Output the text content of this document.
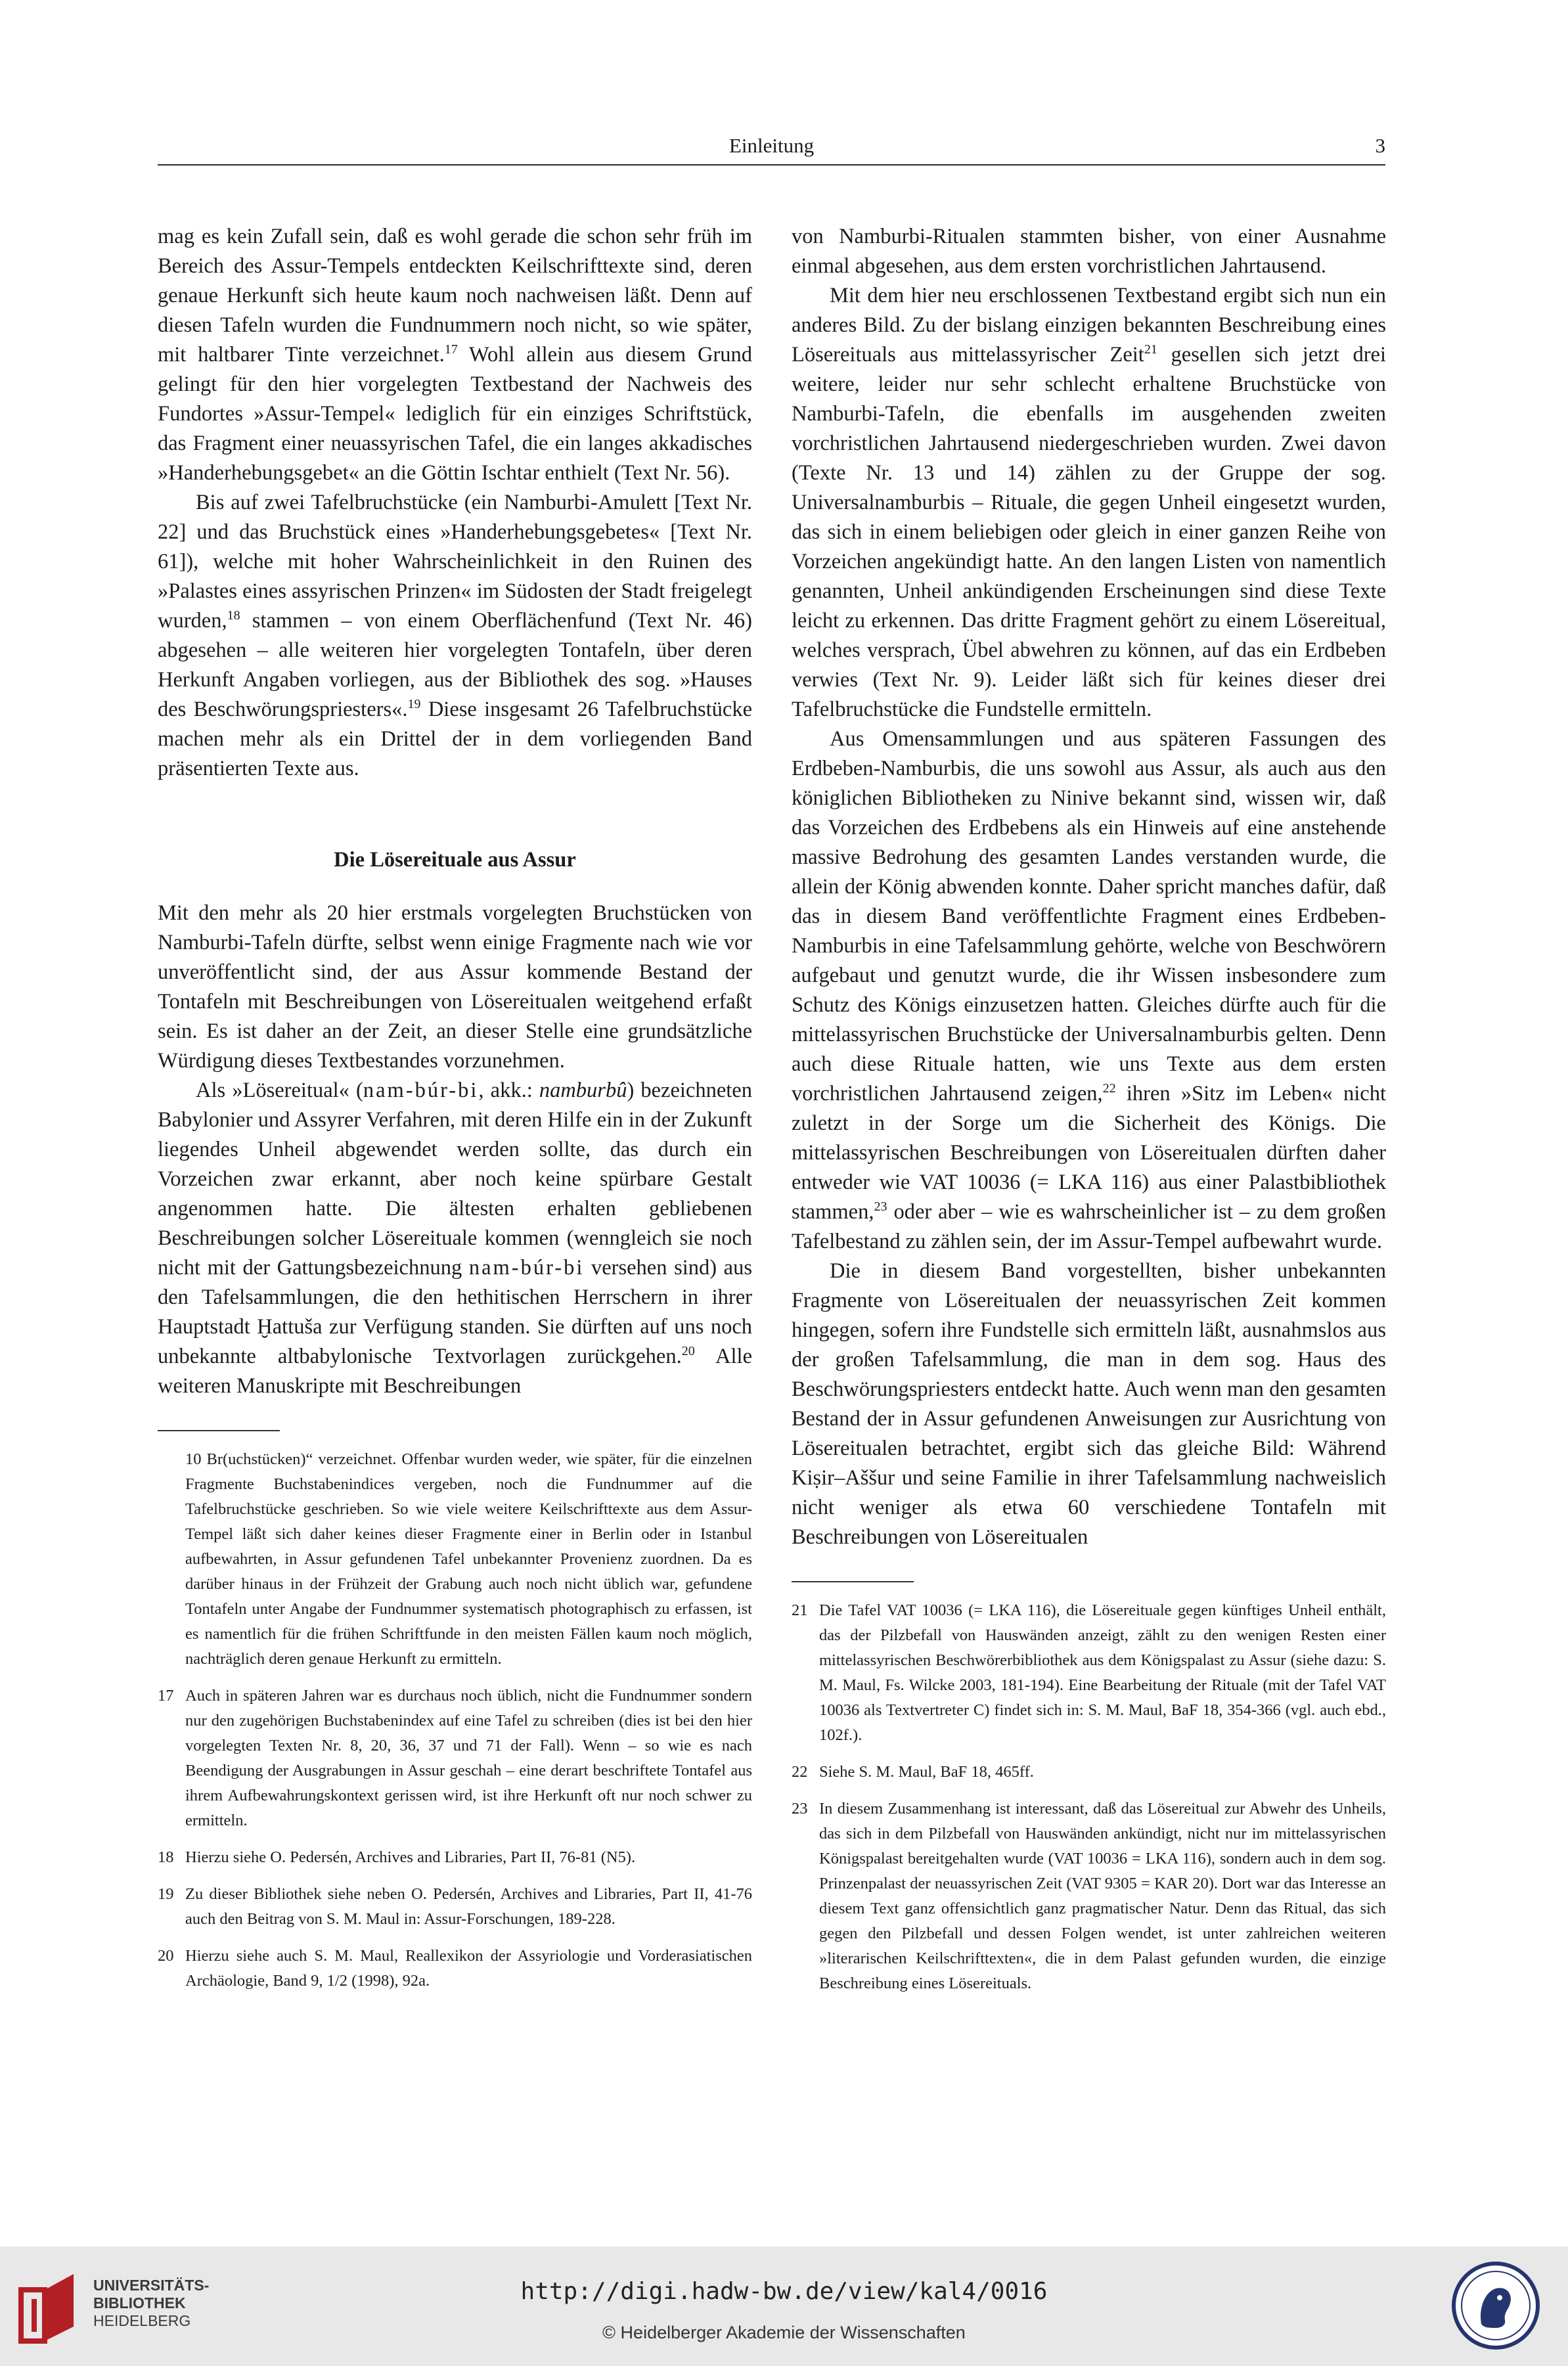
Einleitung	3

mag es kein Zufall sein, daß es wohl gerade die schon sehr früh im Bereich des Assur-Tempels entdeckten Keilschrifttexte sind, deren genaue Herkunft sich heute kaum noch nachweisen läßt. Denn auf diesen Tafeln wurden die Fundnummern noch nicht, so wie später, mit haltbarer Tinte verzeichnet.$^{17}$ Wohl allein aus diesem Grund gelingt für den hier vorgelegten Textbestand der Nachweis des Fundortes »Assur-Tempel« lediglich für ein einziges Schriftstück, das Fragment einer neuassyrischen Tafel, die ein langes akkadisches »Handerhebungsgebet« an die Göttin Ischtar enthielt (Text Nr. 56).

Bis auf zwei Tafelbruchstücke (ein Namburbi-Amulett [Text Nr. 22] und das Bruchstück eines »Handerhebungsgebetes« [Text Nr. 61]), welche mit hoher Wahrscheinlichkeit in den Ruinen des »Palastes eines assyrischen Prinzen« im Südosten der Stadt freigelegt wurden,$^{18}$ stammen – von einem Oberflächenfund (Text Nr. 46) abgesehen – alle weiteren hier vorgelegten Tontafeln, über deren Herkunft Angaben vorliegen, aus der Bibliothek des sog. »Hauses des Beschwörungspriesters«.$^{19}$ Diese insgesamt 26 Tafelbruchstücke machen mehr als ein Drittel der in dem vorliegenden Band präsentierten Texte aus.

Die Lösereituale aus Assur

Mit den mehr als 20 hier erstmals vorgelegten Bruchstücken von Namburbi-Tafeln dürfte, selbst wenn einige Fragmente nach wie vor unveröffentlicht sind, der aus Assur kommende Bestand der Tontafeln mit Beschreibungen von Lösereitualen weitgehend erfaßt sein. Es ist daher an der Zeit, an dieser Stelle eine grundsätzliche Würdigung dieses Textbestandes vorzunehmen.

Als »Lösereitual« (nam-búr-bi, akk.: namburbû) bezeichneten Babylonier und Assyrer Verfahren, mit deren Hilfe ein in der Zukunft liegendes Unheil abgewendet werden sollte, das durch ein Vorzeichen zwar erkannt, aber noch keine spürbare Gestalt angenommen hatte. Die ältesten erhalten gebliebenen Beschreibungen solcher Lösereituale kommen (wenngleich sie noch nicht mit der Gattungsbezeichnung nam-búr-bi versehen sind) aus den Tafelsammlungen, die den hethitischen Herrschern in ihrer Hauptstadt Ḫattuša zur Verfügung standen. Sie dürften auf uns noch unbekannte altbabylonische Textvorlagen zurückgehen.$^{20}$ Alle weiteren Manuskripte mit Beschreibungen

10 Br(uchstücken)“ verzeichnet. Offenbar wurden weder, wie später, für die einzelnen Fragmente Buchstabenindices vergeben, noch die Fundnummer auf die Tafelbruchstücke geschrieben. So wie viele weitere Keilschrifttexte aus dem Assur-Tempel läßt sich daher keines dieser Fragmente einer in Berlin oder in Istanbul aufbewahrten, in Assur gefundenen Tafel unbekannter Provenienz zuordnen. Da es darüber hinaus in der Frühzeit der Grabung auch noch nicht üblich war, gefundene Tontafeln unter Angabe der Fundnummer systematisch photographisch zu erfassen, ist es namentlich für die frühen Schriftfunde in den meisten Fällen kaum noch möglich, nachträglich deren genaue Herkunft zu ermitteln.

17 Auch in späteren Jahren war es durchaus noch üblich, nicht die Fundnummer sondern nur den zugehörigen Buchstabenindex auf eine Tafel zu schreiben (dies ist bei den hier vorgelegten Texten Nr. 8, 20, 36, 37 und 71 der Fall). Wenn – so wie es nach Beendigung der Ausgrabungen in Assur geschah – eine derart beschriftete Tontafel aus ihrem Aufbewahrungskontext gerissen wird, ist ihre Herkunft oft nur noch schwer zu ermitteln.

18 Hierzu siehe O. Pedersén, Archives and Libraries, Part II, 76-81 (N5).

19 Zu dieser Bibliothek siehe neben O. Pedersén, Archives and Libraries, Part II, 41-76 auch den Beitrag von S. M. Maul in: Assur-Forschungen, 189-228.

20 Hierzu siehe auch S. M. Maul, Reallexikon der Assyriologie und Vorderasiatischen Archäologie, Band 9, 1/2 (1998), 92a.

von Namburbi-Ritualen stammten bisher, von einer Ausnahme einmal abgesehen, aus dem ersten vorchristlichen Jahrtausend.

Mit dem hier neu erschlossenen Textbestand ergibt sich nun ein anderes Bild. Zu der bislang einzigen bekannten Beschreibung eines Lösereituals aus mittelassyrischer Zeit$^{21}$ gesellen sich jetzt drei weitere, leider nur sehr schlecht erhaltene Bruchstücke von Namburbi-Tafeln, die ebenfalls im ausgehenden zweiten vorchristlichen Jahrtausend niedergeschrieben wurden. Zwei davon (Texte Nr. 13 und 14) zählen zu der Gruppe der sog. Universalnamburbis – Rituale, die gegen Unheil eingesetzt wurden, das sich in einem beliebigen oder gleich in einer ganzen Reihe von Vorzeichen angekündigt hatte. An den langen Listen von namentlich genannten, Unheil ankündigenden Erscheinungen sind diese Texte leicht zu erkennen. Das dritte Fragment gehört zu einem Lösereitual, welches versprach, Übel abwehren zu können, auf das ein Erdbeben verwies (Text Nr. 9). Leider läßt sich für keines dieser drei Tafelbruchstücke die Fundstelle ermitteln.

Aus Omensammlungen und aus späteren Fassungen des Erdbeben-Namburbis, die uns sowohl aus Assur, als auch aus den königlichen Bibliotheken zu Ninive bekannt sind, wissen wir, daß das Vorzeichen des Erdbebens als ein Hinweis auf eine anstehende massive Bedrohung des gesamten Landes verstanden wurde, die allein der König abwenden konnte. Daher spricht manches dafür, daß das in diesem Band veröffentlichte Fragment eines Erdbeben-Namburbis in eine Tafelsammlung gehörte, welche von Beschwörern aufgebaut und genutzt wurde, die ihr Wissen insbesondere zum Schutz des Königs einzusetzen hatten. Gleiches dürfte auch für die mittelassyrischen Bruchstücke der Universalnamburbis gelten. Denn auch diese Rituale hatten, wie uns Texte aus dem ersten vorchristlichen Jahrtausend zeigen,$^{22}$ ihren »Sitz im Leben« nicht zuletzt in der Sorge um die Sicherheit des Königs. Die mittelassyrischen Beschreibungen von Lösereitualen dürften daher entweder wie VAT 10036 (= LKA 116) aus einer Palastbibliothek stammen,$^{23}$ oder aber – wie es wahrscheinlicher ist – zu dem großen Tafelbestand zu zählen sein, der im Assur-Tempel aufbewahrt wurde.

Die in diesem Band vorgestellten, bisher unbekannten Fragmente von Lösereitualen der neuassyrischen Zeit kommen hingegen, sofern ihre Fundstelle sich ermitteln läßt, ausnahmslos aus der großen Tafelsammlung, die man in dem sog. Haus des Beschwörungspriesters entdeckt hatte. Auch wenn man den gesamten Bestand der in Assur gefundenen Anweisungen zur Ausrichtung von Lösereitualen betrachtet, ergibt sich das gleiche Bild: Während Kiṣir–Aššur und seine Familie in ihrer Tafelsammlung nachweislich nicht weniger als etwa 60 verschiedene Tontafeln mit Beschreibungen von Lösereitualen

21 Die Tafel VAT 10036 (= LKA 116), die Lösereituale gegen künftiges Unheil enthält, das der Pilzbefall von Hauswänden anzeigt, zählt zu den wenigen Resten einer mittelassyrischen Beschwörerbibliothek aus dem Königspalast zu Assur (siehe dazu: S. M. Maul, Fs. Wilcke 2003, 181-194). Eine Bearbeitung der Rituale (mit der Tafel VAT 10036 als Textvertreter C) findet sich in: S. M. Maul, BaF 18, 354-366 (vgl. auch ebd., 102f.).

22 Siehe S. M. Maul, BaF 18, 465ff.

23 In diesem Zusammenhang ist interessant, daß das Lösereitual zur Abwehr des Unheils, das sich in dem Pilzbefall von Hauswänden ankündigt, nicht nur im mittelassyrischen Königspalast bereitgehalten wurde (VAT 10036 = LKA 116), sondern auch in dem sog. Prinzenpalast der neuassyrischen Zeit (VAT 9305 = KAR 20). Dort war das Interesse an diesem Text ganz offensichtlich ganz pragmatischer Natur. Denn das Ritual, das sich gegen den Pilzbefall und dessen Folgen wendet, ist unter zahlreichen weiteren »literarischen Keilschrifttexten«, die in dem Palast gefunden wurden, die einzige Beschreibung eines Lösereituals.

UNIVERSITÄTS-
BIBLIOTHEK
HEIDELBERG
http://digi.hadw-bw.de/view/kal4/0016
© Heidelberger Akademie der Wissenschaften
